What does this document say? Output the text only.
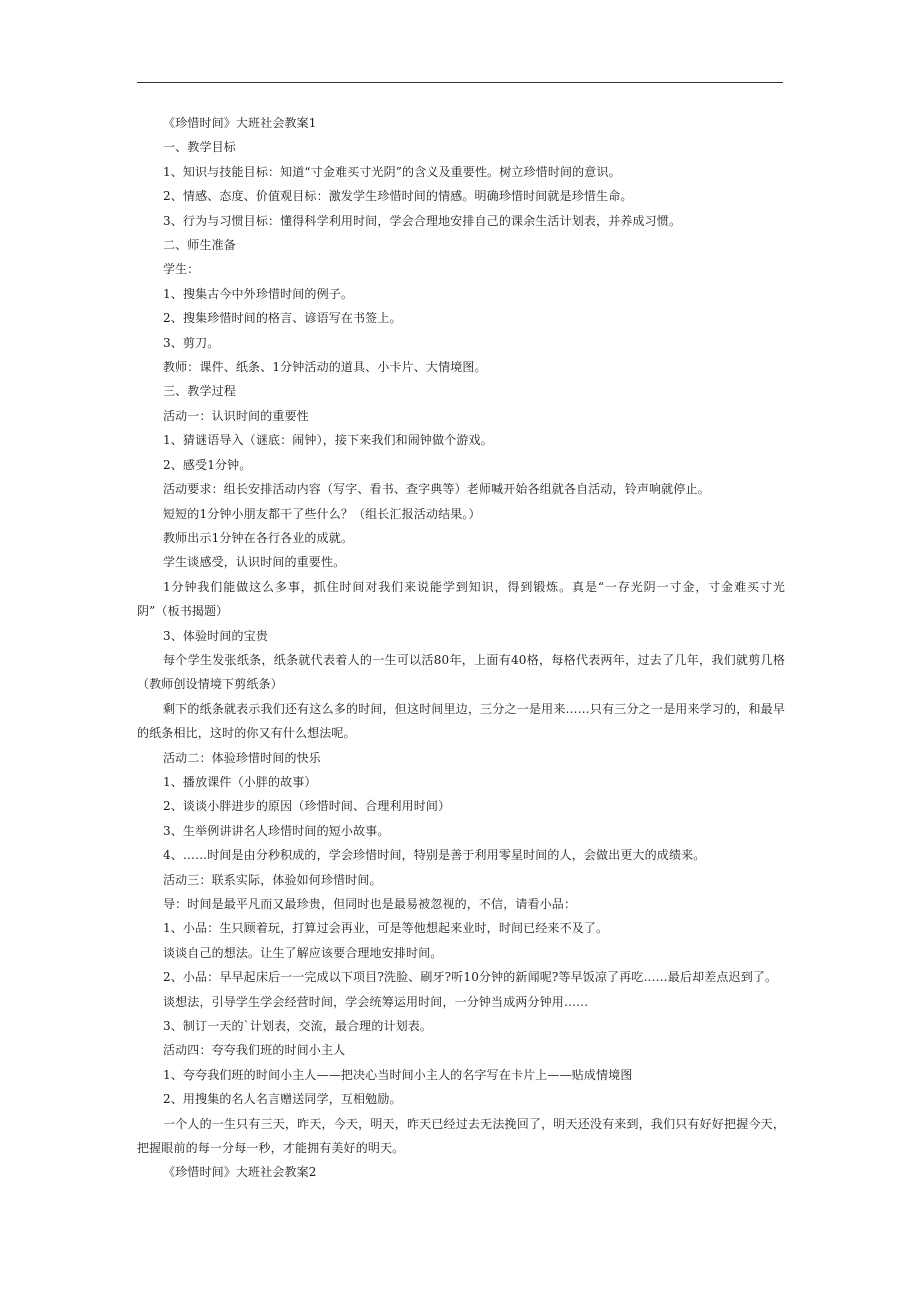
《珍惜时间》大班社会教案1

一、教学目标

1、知识与技能目标：知道“寸金难买寸光阴”的含义及重要性。树立珍惜时间的意识。

2、情感、态度、价值观目标：激发学生珍惜时间的情感。明确珍惜时间就是珍惜生命。

3、行为与习惯目标：懂得科学利用时间，学会合理地安排自己的课余生活计划表，并养成习惯。

二、师生准备

学生：

1、搜集古今中外珍惜时间的例子。

2、搜集珍惜时间的格言、谚语写在书签上。

3、剪刀。

教师：课件、纸条、1分钟活动的道具、小卡片、大情境图。

三、教学过程

活动一：认识时间的重要性

1、猜谜语导入（谜底：闹钟），接下来我们和闹钟做个游戏。

2、感受1分钟。

活动要求：组长安排活动内容（写字、看书、查字典等）老师喊开始各组就各自活动，铃声响就停止。

短短的1分钟小朋友都干了些什么？（组长汇报活动结果。）

教师出示1分钟在各行各业的成就。

学生谈感受，认识时间的重要性。

1分钟我们能做这么多事，抓住时间对我们来说能学到知识，得到锻炼。真是“一存光阴一寸金，寸金难买寸光阴”（板书揭题）

3、体验时间的宝贵

每个学生发张纸条，纸条就代表着人的一生可以活80年，上面有40格，每格代表两年，过去了几年，我们就剪几格（教师创设情境下剪纸条）

剩下的纸条就表示我们还有这么多的时间，但这时间里边，三分之一是用来……只有三分之一是用来学习的，和最早的纸条相比，这时的你又有什么想法呢。

活动二：体验珍惜时间的快乐

1、播放课件（小胖的故事）

2、谈谈小胖进步的原因（珍惜时间、合理利用时间）

3、生举例讲讲名人珍惜时间的短小故事。

4、……时间是由分秒积成的，学会珍惜时间，特别是善于利用零星时间的人，会做出更大的成绩来。

活动三：联系实际，体验如何珍惜时间。

导：时间是最平凡而又最珍贵，但同时也是最易被忽视的，不信，请看小品：

1、小品：生只顾着玩，打算过会再业，可是等他想起来业时，时间已经来不及了。

谈谈自己的想法。让生了解应该要合理地安排时间。

2、小品：早早起床后一一完成以下项目?洗脸、刷牙?听10分钟的新闻呢?等早饭凉了再吃……最后却差点迟到了。

谈想法，引导学生学会经营时间，学会统筹运用时间，一分钟当成两分钟用……

3、制订一天的`计划表，交流，最合理的计划表。

活动四：夸夸我们班的时间小主人

1、夸夸我们班的时间小主人——把决心当时间小主人的名字写在卡片上——贴成情境图

2、用搜集的名人名言赠送同学，互相勉励。

一个人的一生只有三天，昨天，今天，明天，昨天已经过去无法挽回了，明天还没有来到，我们只有好好把握今天，把握眼前的每一分每一秒，才能拥有美好的明天。

《珍惜时间》大班社会教案2
